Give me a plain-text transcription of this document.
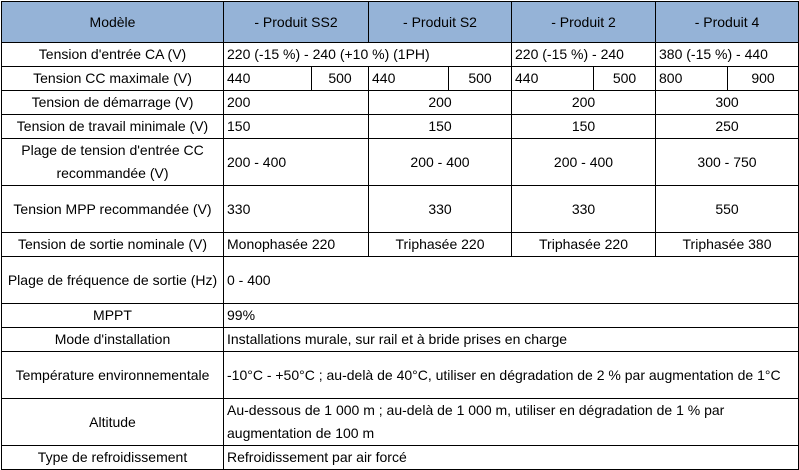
Modèle	- Produit SS2		- Produit S2		- Produit 2		- Produit 4	
Tension d'entrée CA (V)	220 (-15 %) - 240 (+10 %) (1PH)				220 (-15 %) - 240		380 (-15 %) - 440	
Tension CC maximale (V)	440	500	440	500	440	500	800	900
Tension de démarrage (V)	200		200		200		300	
Tension de travail minimale (V)	150		150		150		250	
Plage de tension d'entrée CC recommandée (V)	200 - 400		200 - 400		200 - 400		300 - 750	
Tension MPP recommandée (V)	330		330		330		550	
Tension de sortie nominale (V)	Monophasée 220		Triphasée 220		Triphasée 220		Triphasée 380	
Plage de fréquence de sortie (Hz)	0 - 400							
MPPT	99%							
Mode d'installation	Installations murale, sur rail et à bride prises en charge							
Température environnementale	-10°C - +50°C ; au-delà de 40°C, utiliser en dégradation de 2 % par augmentation de 1°C							
Altitude	Au-dessous de 1 000 m ; au-delà de 1 000 m, utiliser en dégradation de 1 % par augmentation de 100 m							
Type de refroidissement	Refroidissement par air forcé							
